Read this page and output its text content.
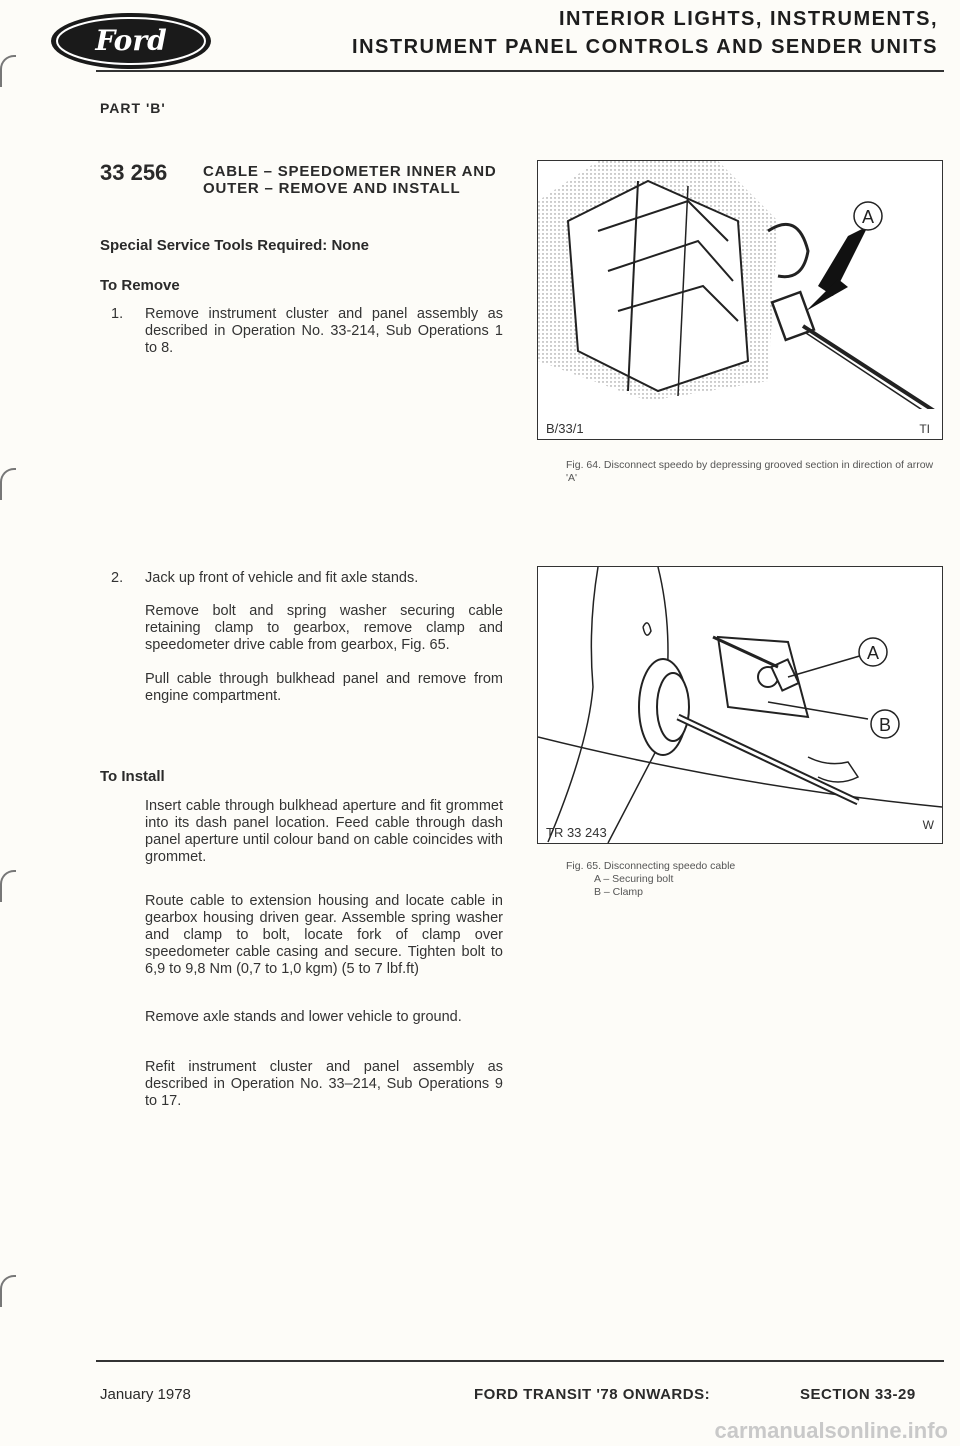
Ford
INTERIOR LIGHTS, INSTRUMENTS,
INSTRUMENT PANEL CONTROLS AND SENDER UNITS
PART 'B'
33 256 CABLE – SPEEDOMETER INNER AND OUTER – REMOVE AND INSTALL
Special Service Tools Required: None
To Remove
1. Remove instrument cluster and panel assembly as described in Operation No. 33-214, Sub Operations 1 to 8.
2. Jack up front of vehicle and fit axle stands.
Remove bolt and spring washer securing cable retaining clamp to gearbox, remove clamp and speedometer drive cable from gearbox, Fig. 65.
Pull cable through bulkhead panel and remove from engine compartment.
To Install
Insert cable through bulkhead aperture and fit grommet into its dash panel location. Feed cable through dash panel aperture until colour band on cable coincides with grommet.
Route cable to extension housing and locate cable in gearbox housing driven gear. Assemble spring washer and clamp to bolt, locate fork of clamp over speedometer cable casing and secure. Tighten bolt to 6,9 to 9,8 Nm (0,7 to 1,0 kgm) (5 to 7 lbf.ft)
Remove axle stands and lower vehicle to ground.
Refit instrument cluster and panel assembly as described in Operation No. 33–214, Sub Operations 9 to 17.
A
B/33/1	TI
Fig. 64. Disconnect speedo by depressing grooved section in direction of arrow 'A'
A
B
TR 33 243	W
Fig. 65. Disconnecting speedo cable
A – Securing bolt
B – Clamp
January 1978	FORD TRANSIT '78 ONWARDS:	SECTION 33-29
carmanualsonline.info
